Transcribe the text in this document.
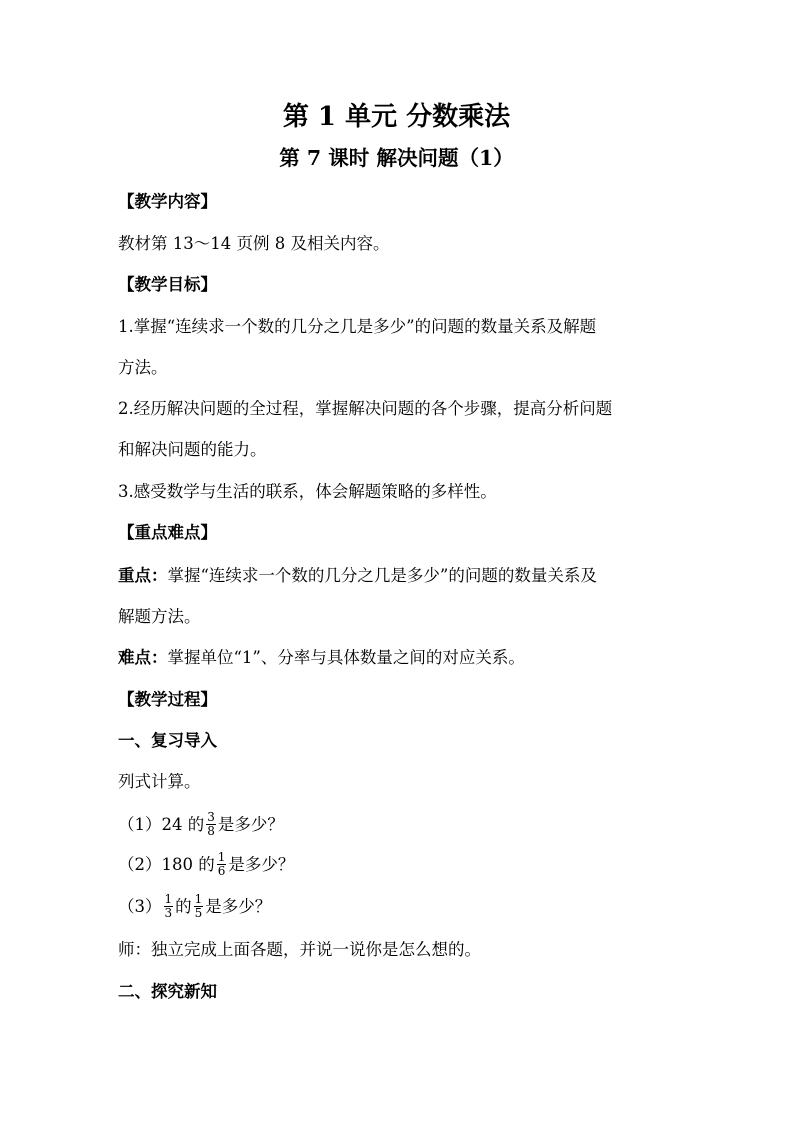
第 1 单元 分数乘法
第 7 课时 解决问题（1）
【教学内容】
教材第 13～14 页例 8 及相关内容。
【教学目标】
1.掌握“连续求一个数的几分之几是多少”的问题的数量关系及解题
方法。
2.经历解决问题的全过程，掌握解决问题的各个步骤，提高分析问题
和解决问题的能力。
3.感受数学与生活的联系，体会解题策略的多样性。
【重点难点】
重点：掌握“连续求一个数的几分之几是多少”的问题的数量关系及
解题方法。
难点：掌握单位“1”、分率与具体数量之间的对应关系。
【教学过程】
一、复习导入
列式计算。
（1）24 的 $\frac{3}{8}$ 是多少？
（2）180 的 $\frac{1}{6}$ 是多少？
$(3) \frac{1}{3}$ 的 $\frac{1}{5}$ 是多少？
师：独立完成上面各题，并说一说你是怎么想的。
二、探究新知
